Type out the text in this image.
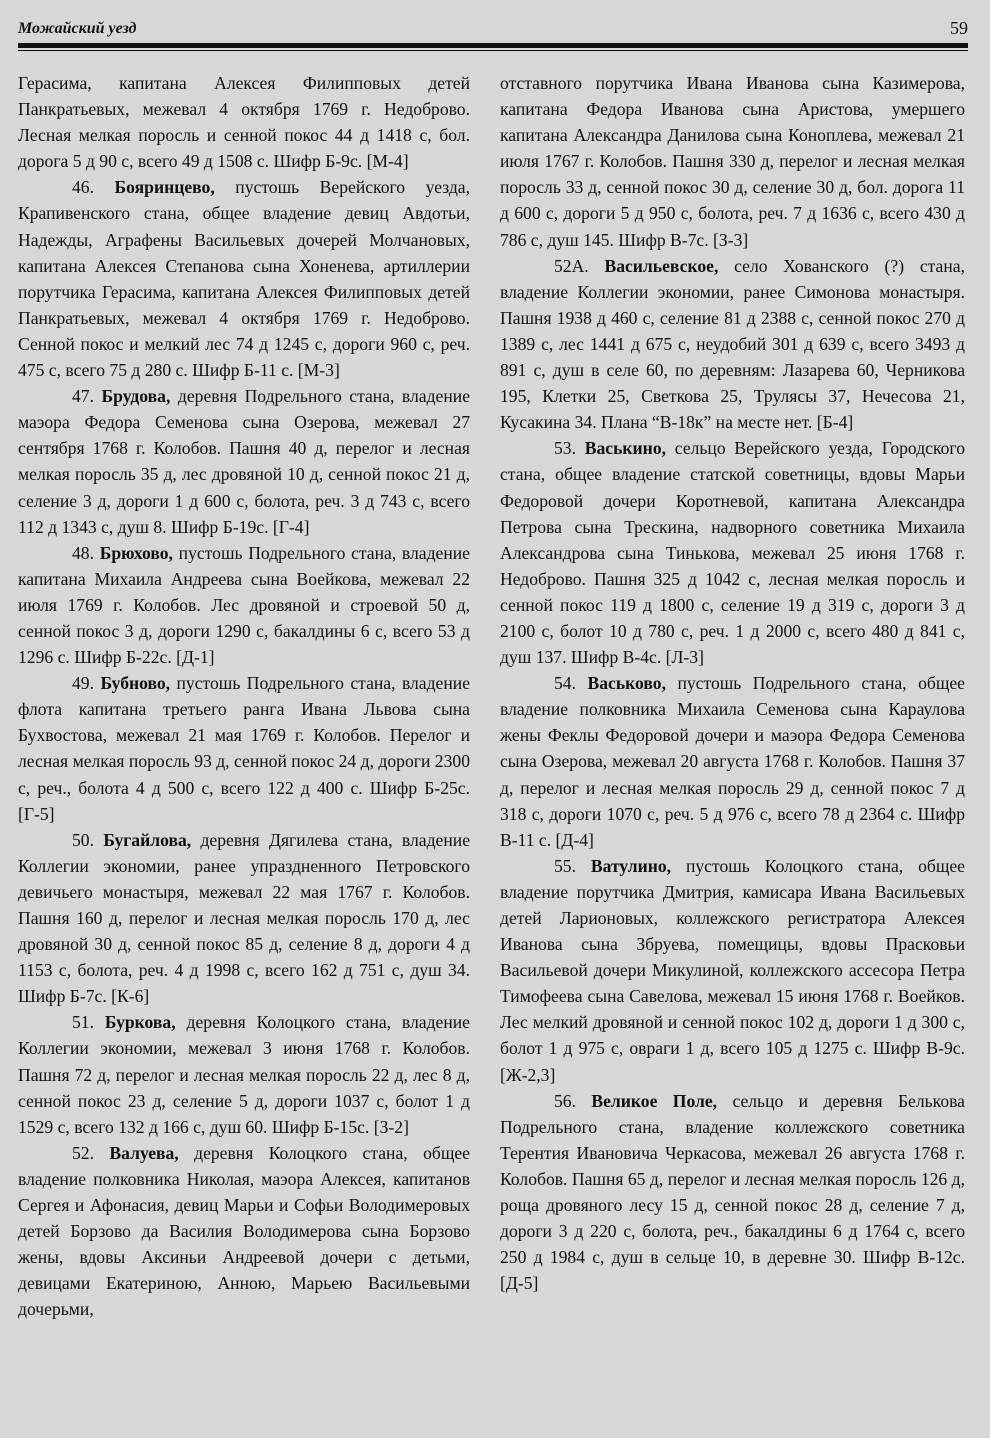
Можайский уезд	59

Герасима, капитана Алексея Филипповых детей Панкратьевых, межевал 4 октября 1769 г. Недоброво. Лесная мелкая поросль и сенной покос 44 д 1418 с, бол. дорога 5 д 90 с, всего 49 д 1508 с. Шифр Б-9с. [М-4]

46. Бояринцево, пустошь Верейского уезда, Крапивенского стана, общее владение девиц Авдотьи, Надежды, Аграфены Васильевых дочерей Молчановых, капитана Алексея Степанова сына Хоненева, артиллерии порутчика Герасима, капитана Алексея Филипповых детей Панкратьевых, межевал 4 октября 1769 г. Недоброво. Сенной покос и мелкий лес 74 д 1245 с, дороги 960 с, реч. 475 с, всего 75 д 280 с. Шифр Б-11 с. [М-3]

47. Брудова, деревня Подрельного стана, владение маэора Федора Семенова сына Озерова, межевал 27 сентября 1768 г. Колобов. Пашня 40 д, перелог и лесная мелкая поросль 35 д, лес дровяной 10 д, сенной покос 21 д, селение 3 д, дороги 1 д 600 с, болота, реч. 3 д 743 с, всего 112 д 1343 с, душ 8. Шифр Б-19с. [Г-4]

48. Брюхово, пустошь Подрельного стана, владение капитана Михаила Андреева сына Воейкова, межевал 22 июля 1769 г. Колобов. Лес дровяной и строевой 50 д, сенной покос 3 д, дороги 1290 с, бакалдины 6 с, всего 53 д 1296 с. Шифр Б-22с. [Д-1]

49. Бубново, пустошь Подрельного стана, владение флота капитана третьего ранга Ивана Львова сына Бухвостова, межевал 21 мая 1769 г. Колобов. Перелог и лесная мелкая поросль 93 д, сенной покос 24 д, дороги 2300 с, реч., болота 4 д 500 с, всего 122 д 400 с. Шифр Б-25с. [Г-5]

50. Бугайлова, деревня Дягилева стана, владение Коллегии экономии, ранее упраздненного Петровского девичьего монастыря, межевал 22 мая 1767 г. Колобов. Пашня 160 д, перелог и лесная мелкая поросль 170 д, лес дровяной 30 д, сенной покос 85 д, селение 8 д, дороги 4 д 1153 с, болота, реч. 4 д 1998 с, всего 162 д 751 с, душ 34. Шифр Б-7с. [К-6]

51. Буркова, деревня Колоцкого стана, владение Коллегии экономии, межевал 3 июня 1768 г. Колобов. Пашня 72 д, перелог и лесная мелкая поросль 22 д, лес 8 д, сенной покос 23 д, селение 5 д, дороги 1037 с, болот 1 д 1529 с, всего 132 д 166 с, душ 60. Шифр Б-15с. [З-2]

52. Валуева, деревня Колоцкого стана, общее владение полковника Николая, маэора Алексея, капитанов Сергея и Афонасия, девиц Марьи и Софьи Володимеровых детей Борзово да Василия Володимерова сына Борзово жены, вдовы Аксиньи Андреевой дочери с детьми, девицами Екатериною, Анною, Марьею Васильевыми дочерьми,

отставного порутчика Ивана Иванова сына Казимерова, капитана Федора Иванова сына Аристова, умершего капитана Александра Данилова сына Коноплева, межевал 21 июля 1767 г. Колобов. Пашня 330 д, перелог и лесная мелкая поросль 33 д, сенной покос 30 д, селение 30 д, бол. дорога 11 д 600 с, дороги 5 д 950 с, болота, реч. 7 д 1636 с, всего 430 д 786 с, душ 145. Шифр В-7с. [З-3]

52А. Васильевское, село Хованского (?) стана, владение Коллегии экономии, ранее Симонова монастыря. Пашня 1938 д 460 с, селение 81 д 2388 с, сенной покос 270 д 1389 с, лес 1441 д 675 с, неудобий 301 д 639 с, всего 3493 д 891 с, душ в селе 60, по деревням: Лазарева 60, Черникова 195, Клетки 25, Светкова 25, Трулясы 37, Нечесова 21, Кусакина 34. Плана “В-18к” на месте нет. [Б-4]

53. Васькино, сельцо Верейского уезда, Городского стана, общее владение статской советницы, вдовы Марьи Федоровой дочери Коротневой, капитана Александра Петрова сына Трескина, надворного советника Михаила Александрова сына Тинькова, межевал 25 июня 1768 г. Недоброво. Пашня 325 д 1042 с, лесная мелкая поросль и сенной покос 119 д 1800 с, селение 19 д 319 с, дороги 3 д 2100 с, болот 10 д 780 с, реч. 1 д 2000 с, всего 480 д 841 с, душ 137. Шифр В-4с. [Л-3]

54. Васьково, пустошь Подрельного стана, общее владение полковника Михаила Семенова сына Караулова жены Феклы Федоровой дочери и маэора Федора Семенова сына Озерова, межевал 20 августа 1768 г. Колобов. Пашня 37 д, перелог и лесная мелкая поросль 29 д, сенной покос 7 д 318 с, дороги 1070 с, реч. 5 д 976 с, всего 78 д 2364 с. Шифр В-11 с. [Д-4]

55. Ватулино, пустошь Колоцкого стана, общее владение порутчика Дмитрия, камисара Ивана Васильевых детей Ларионовых, коллежского регистратора Алексея Иванова сына Збруева, помещицы, вдовы Прасковьи Васильевой дочери Микулиной, коллежского ассесора Петра Тимофеева сына Савелова, межевал 15 июня 1768 г. Воейков. Лес мелкий дровяной и сенной покос 102 д, дороги 1 д 300 с, болот 1 д 975 с, овраги 1 д, всего 105 д 1275 с. Шифр В-9с. [Ж-2,3]

56. Великое Поле, сельцо и деревня Белькова Подрельного стана, владение коллежского советника Терентия Ивановича Черкасова, межевал 26 августа 1768 г. Колобов. Пашня 65 д, перелог и лесная мелкая поросль 126 д, роща дровяного лесу 15 д, сенной покос 28 д, селение 7 д, дороги 3 д 220 с, болота, реч., бакалдины 6 д 1764 с, всего 250 д 1984 с, душ в сельце 10, в деревне 30. Шифр В-12с. [Д-5]
